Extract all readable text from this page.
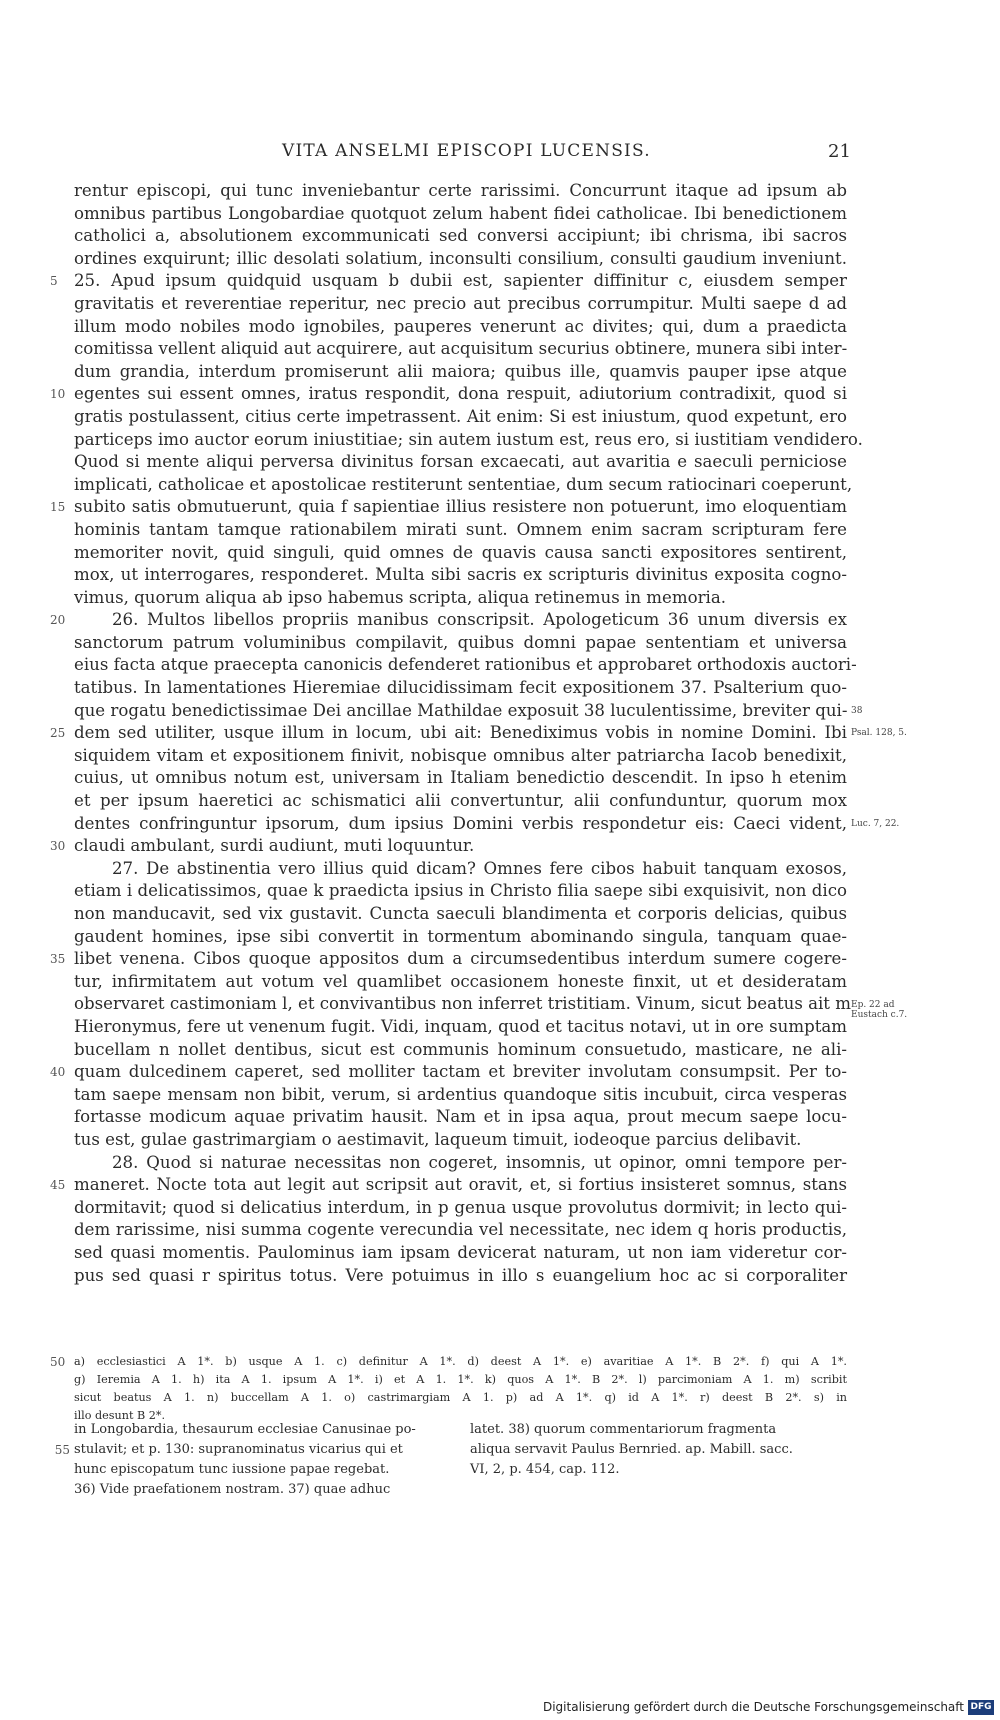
VITA ANSELMI EPISCOPI LUCENSIS.	21
rentur episcopi, qui tunc inveniebantur certe rarissimi. Concurrunt itaque ad ipsum ab
omnibus partibus Longobardiae quotquot zelum habent fidei catholicae. Ibi benedictionem
catholici a, absolutionem excommunicati sed conversi accipiunt; ibi chrisma, ibi sacros
ordines exquirunt; illic desolati solatium, inconsulti consilium, consulti gaudium inveniunt.
5 25. Apud ipsum quidquid usquam b dubii est, sapienter diffinitur c, eiusdem semper
gravitatis et reverentiae reperitur, nec precio aut precibus corrumpitur. Multi saepe d ad
illum modo nobiles modo ignobiles, pauperes venerunt ac divites; qui, dum a praedicta
comitissa vellent aliquid aut acquirere, aut acquisitum securius obtinere, munera sibi inter-
dum grandia, interdum promiserunt alii maiora; quibus ille, quamvis pauper ipse atque
10 egentes sui essent omnes, iratus respondit, dona respuit, adiutorium contradixit, quod si
gratis postulassent, citius certe impetrassent. Ait enim: Si est iniustum, quod expetunt, ero
particeps imo auctor eorum iniustitiae; sin autem iustum est, reus ero, si iustitiam vendidero.
Quod si mente aliqui perversa divinitus forsan excaecati, aut avaritia e saeculi perniciose
implicati, catholicae et apostolicae restiterunt sententiae, dum secum ratiocinari coeperunt,
15 subito satis obmutuerunt, quia f sapientiae illius resistere non potuerunt, imo eloquentiam
hominis tantam tamque rationabilem mirati sunt. Omnem enim sacram scripturam fere
memoriter novit, quid singuli, quid omnes de quavis causa sancti expositores sentirent,
mox, ut interrogares, responderet. Multa sibi sacris ex scripturis divinitus exposita cogno-
vimus, quorum aliqua ab ipso habemus scripta, aliqua retinemus in memoria.
20	26. Multos libellos propriis manibus conscripsit. Apologeticum 36 unum diversis ex
sanctorum patrum voluminibus compilavit, quibus domni papae sententiam et universa
eius facta atque praecepta canonicis defenderet rationibus et approbaret orthodoxis auctori-
tatibus. In lamentationes Hieremiae dilucidissimam fecit expositionem 37. Psalterium quo-
que rogatu benedictissimae Dei ancillae Mathildae exposuit 38 luculentissime, breviter qui-
25 dem sed utiliter, usque illum in locum, ubi ait: Benediximus vobis in nomine Domini. Ibi
siquidem vitam et expositionem finivit, nobisque omnibus alter patriarcha Iacob benedixit,
cuius, ut omnibus notum est, universam in Italiam benedictio descendit. In ipso h etenim
et per ipsum haeretici ac schismatici alii convertuntur, alii confunduntur, quorum mox
dentes confringuntur ipsorum, dum ipsius Domini verbis respondetur eis: Caeci vident,
30 claudi ambulant, surdi audiunt, muti loquuntur.
27. De abstinentia vero illius quid dicam? Omnes fere cibos habuit tanquam exosos,
etiam i delicatissimos, quae k praedicta ipsius in Christo filia saepe sibi exquisivit, non dico
non manducavit, sed vix gustavit. Cuncta saeculi blandimenta et corporis delicias, quibus
gaudent homines, ipse sibi convertit in tormentum abominando singula, tanquam quae-
35 libet venena. Cibos quoque appositos dum a circumsedentibus interdum sumere cogere-
tur, infirmitatem aut votum vel quamlibet occasionem honeste finxit, ut et desideratam
observaret castimoniam l, et convivantibus non inferret tristitiam. Vinum, sicut beatus ait m
Hieronymus, fere ut venenum fugit. Vidi, inquam, quod et tacitus notavi, ut in ore sumptam
bucellam n nollet dentibus, sicut est communis hominum consuetudo, masticare, ne ali-
40 quam dulcedinem caperet, sed molliter tactam et breviter involutam consumpsit. Per to-
tam saepe mensam non bibit, verum, si ardentius quandoque sitis incubuit, circa vesperas
fortasse modicum aquae privatim hausit. Nam et in ipsa aqua, prout mecum saepe locu-
tus est, gulae gastrimargiam o aestimavit, laqueum timuit, iodeoque parcius delibavit.
28. Quod si naturae necessitas non cogeret, insomnis, ut opinor, omni tempore per-
45 maneret. Nocte tota aut legit aut scripsit aut oravit, et, si fortius insisteret somnus, stans
dormitavit; quod si delicatius interdum, in p genua usque provolutus dormivit; in lecto qui-
dem rarissime, nisi summa cogente verecundia vel necessitate, nec idem q horis productis,
sed quasi momentis. Paulominus iam ipsam devicerat naturam, ut non iam videretur cor-
pus sed quasi r spiritus totus. Vere potuimus in illo s euangelium hoc ac si corporaliter
38
Psal. 128, 5.
Luc. 7, 22.
Ep. 22 ad
Eustach c.7.
50 a) ecclesiastici A 1*. b) usque A 1. c) definitur A 1*. d) deest A 1*. e) avaritiae A 1*. B 2*. f) qui A 1*.
g) Ieremia A 1. h) ita A 1. ipsum A 1*. i) et A 1. 1*. k) quos A 1*. B 2*. l) parcimoniam A 1. m) scribit
sicut beatus A 1. n) buccellam A 1. o) castrimargiam A 1. p) ad A 1*. q) id A 1*. r) deest B 2*. s) in
illo desunt B 2*.
in Longobardia, thesaurum ecclesiae Canusinae po-
55 stulavit; et p. 130: supranominatus vicarius qui et
hunc episcopatum tunc iussione papae regebat.
36) Vide praefationem nostram. 37) quae adhuc
latet. 38) quorum commentariorum fragmenta
aliqua servavit Paulus Bernried. ap. Mabill. sacc.
VI, 2, p. 454, cap. 112.
Digitalisierung gefördert durch die Deutsche Forschungsgemeinschaft DFG
